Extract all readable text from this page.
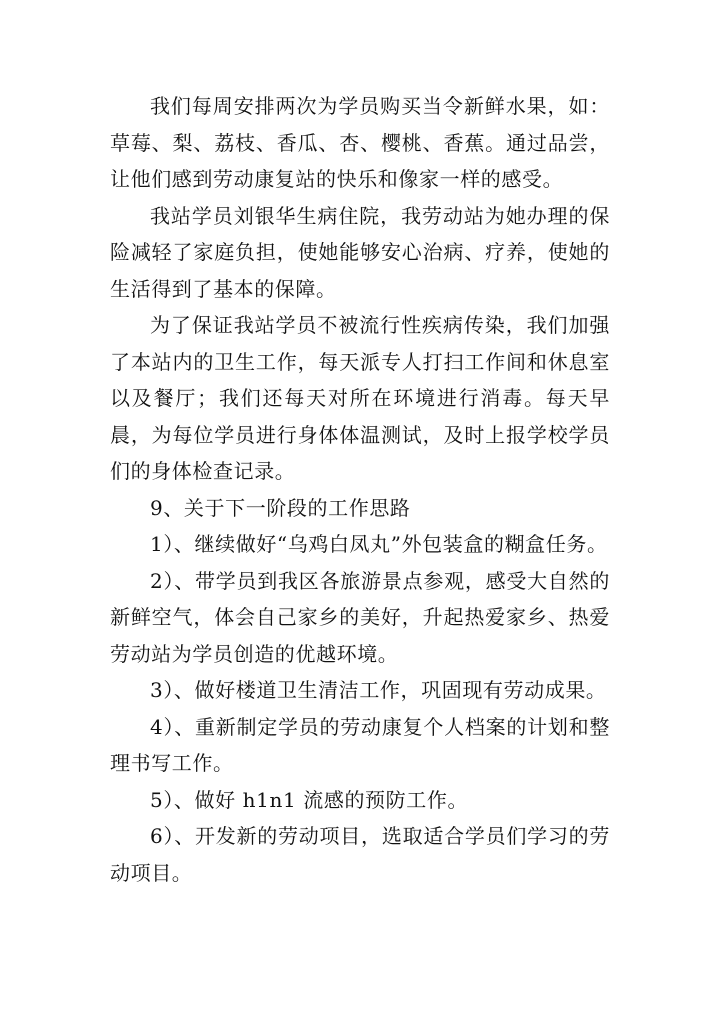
我们每周安排两次为学员购买当令新鲜水果，如：草莓、梨、荔枝、香瓜、杏、樱桃、香蕉。通过品尝，让他们感到劳动康复站的快乐和像家一样的感受。

我站学员刘银华生病住院，我劳动站为她办理的保险减轻了家庭负担，使她能够安心治病、疗养，使她的生活得到了基本的保障。

为了保证我站学员不被流行性疾病传染，我们加强了本站内的卫生工作，每天派专人打扫工作间和休息室以及餐厅；我们还每天对所在环境进行消毒。每天早晨，为每位学员进行身体体温测试，及时上报学校学员们的身体检查记录。

9、关于下一阶段的工作思路

1）、继续做好“乌鸡白凤丸”外包装盒的糊盒任务。

2）、带学员到我区各旅游景点参观，感受大自然的新鲜空气，体会自己家乡的美好，升起热爱家乡、热爱劳动站为学员创造的优越环境。

3）、做好楼道卫生清洁工作，巩固现有劳动成果。

4）、重新制定学员的劳动康复个人档案的计划和整理书写工作。

5）、做好 h1n1 流感的预防工作。

6）、开发新的劳动项目，选取适合学员们学习的劳动项目。
